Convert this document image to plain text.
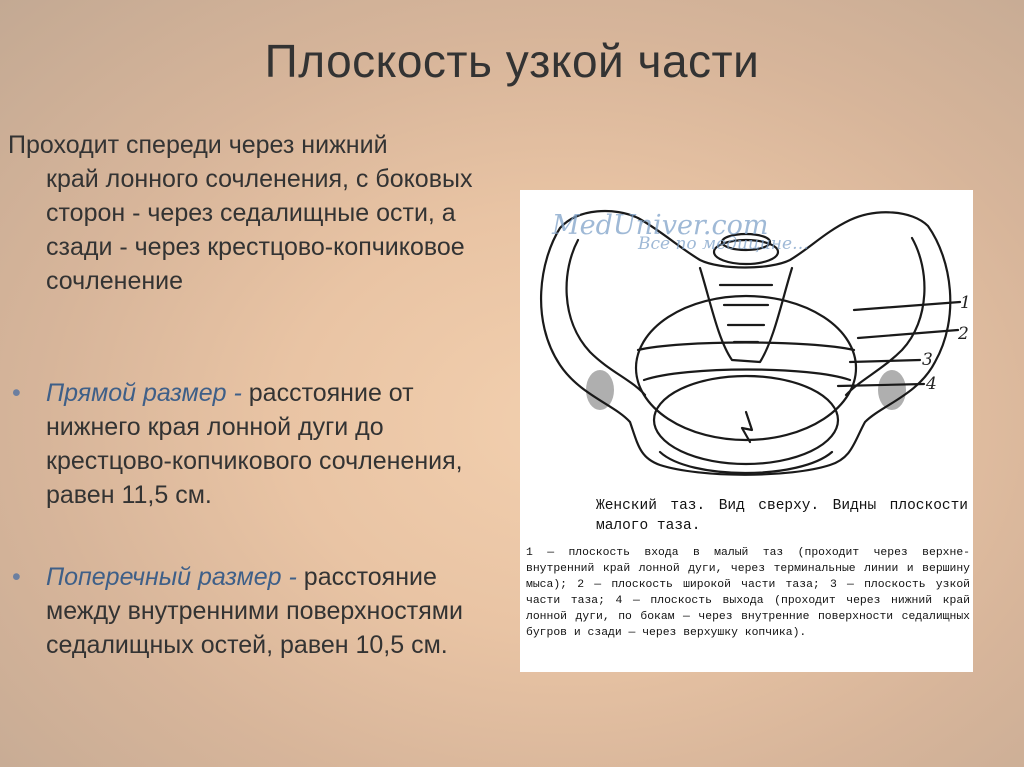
Плоскость узкой части
Проходит спереди через нижний
край лонного сочленения, с боковых сторон - через седалищные ости, а сзади - через крестцово-копчиковое сочленение
•	Прямой размер - расстояние от нижнего края лонной дуги до крестцово-копчикового сочленения, равен 11,5 см.
•	Поперечный размер - расстояние между внутренними поверхностями седалищных остей, равен 10,5 см.
MedUniver.com
Все по медицине…
1
2
3
4
Женский таз. Вид сверху. Видны плоскости малого таза.
1 — плоскость входа в малый таз (проходит через верхне-внутренний край лонной дуги, через терминальные линии и вершину мыса); 2 — плоскость широкой части таза; 3 — плоскость узкой части таза; 4 — плоскость выхода (проходит через нижний край лонной дуги, по бокам — через внутренние поверхности седалищных бугров и сзади — через верхушку копчика).
